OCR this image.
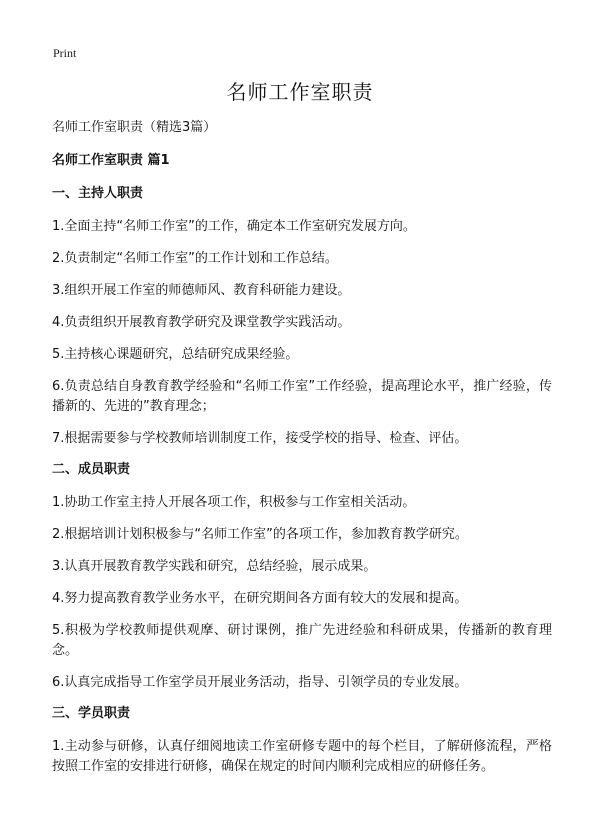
Print
名师工作室职责

名师工作室职责（精选3篇）

名师工作室职责 篇1

一、主持人职责

1.全面主持“名师工作室”的工作，确定本工作室研究发展方向。

2.负责制定“名师工作室”的工作计划和工作总结。

3.组织开展工作室的师德师风、教育科研能力建设。

4.负责组织开展教育教学研究及课堂教学实践活动。

5.主持核心课题研究，总结研究成果经验。

6.负责总结自身教育教学经验和“名师工作室”工作经验，提高理论水平，推广经验，传播新的、先进的”教育理念；

7.根据需要参与学校教师培训制度工作，接受学校的指导、检查、评估。

二、成员职责

1.协助工作室主持人开展各项工作，积极参与工作室相关活动。

2.根据培训计划积极参与“名师工作室”的各项工作，参加教育教学研究。

3.认真开展教育教学实践和研究，总结经验，展示成果。

4.努力提高教育教学业务水平，在研究期间各方面有较大的发展和提高。

5.积极为学校教师提供观摩、研讨课例，推广先进经验和科研成果，传播新的教育理念。

6.认真完成指导工作室学员开展业务活动，指导、引领学员的专业发展。

三、学员职责

1.主动参与研修，认真仔细阅地读工作室研修专题中的每个栏目，了解研修流程，严格按照工作室的安排进行研修，确保在规定的时间内顺利完成相应的研修任务。
